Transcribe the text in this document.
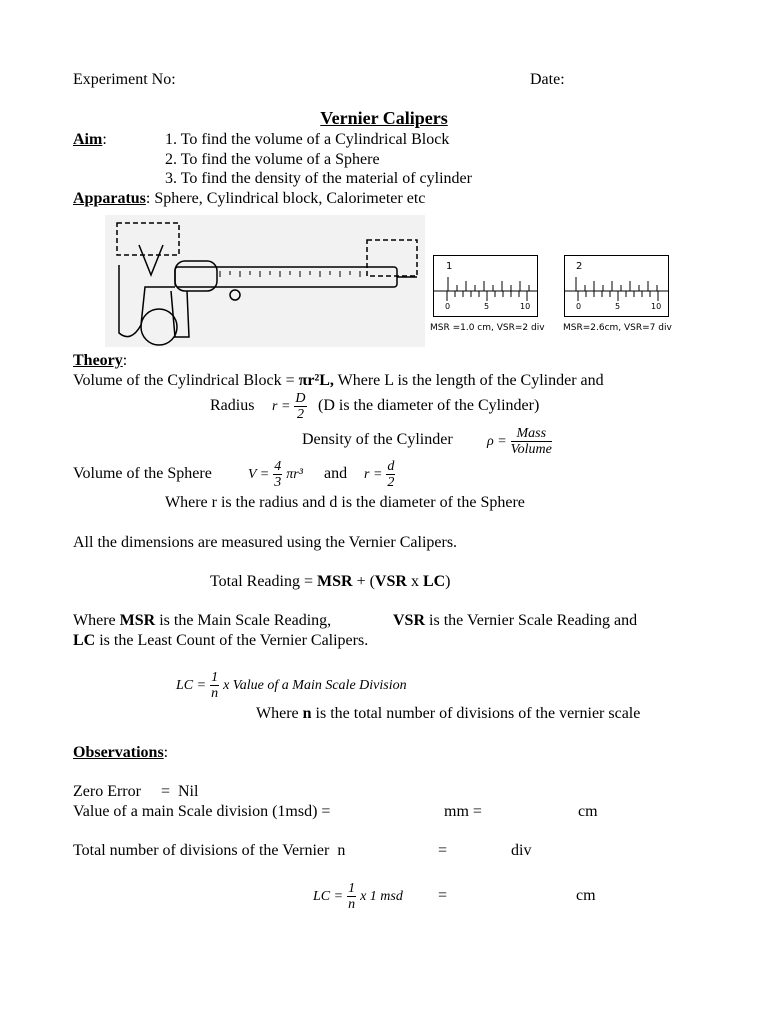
Experiment No:	Date:
Vernier Calipers
Aim:	1. To find the volume of a Cylindrical Block
2. To find the volume of a Sphere
3. To find the density of the material of cylinder
Apparatus: Sphere, Cylindrical block, Calorimeter etc
1
0	5	10
MSR =1.0 cm, VSR=2 div
2
0	5	10
MSR=2.6cm, VSR=7 div
Theory:
Volume of the Cylindrical Block = πr²L, Where L is the length of the Cylinder and
Radius $r = \frac{D}{2} (D$ is the diameter of the Cylinder)
Density of the Cylinder $\rho = \frac{\text{Mass}}{\text{Volume}}$
Volume of the Sphere	$V = \frac{4}{3} \pi r^3$ and $r = \frac{d}{2}$
Where r is the radius and d is the diameter of the Sphere
All the dimensions are measured using the Vernier Calipers.
Total Reading = MSR + (VSR x LC)
Where MSR is the Main Scale Reading,	VSR is the Vernier Scale Reading and
LC is the Least Count of the Vernier Calipers.
LC = $\frac{1}{n}$ x Value of a Main Scale Division
Where n is the total number of divisions of the vernier scale
Observations:
Zero Error     =  Nil
Value of a main Scale division (1msd) =	mm =	cm
Total number of divisions of the Vernier  n	=	div
LC = $\frac{1}{n}$ x 1 msd =	cm
